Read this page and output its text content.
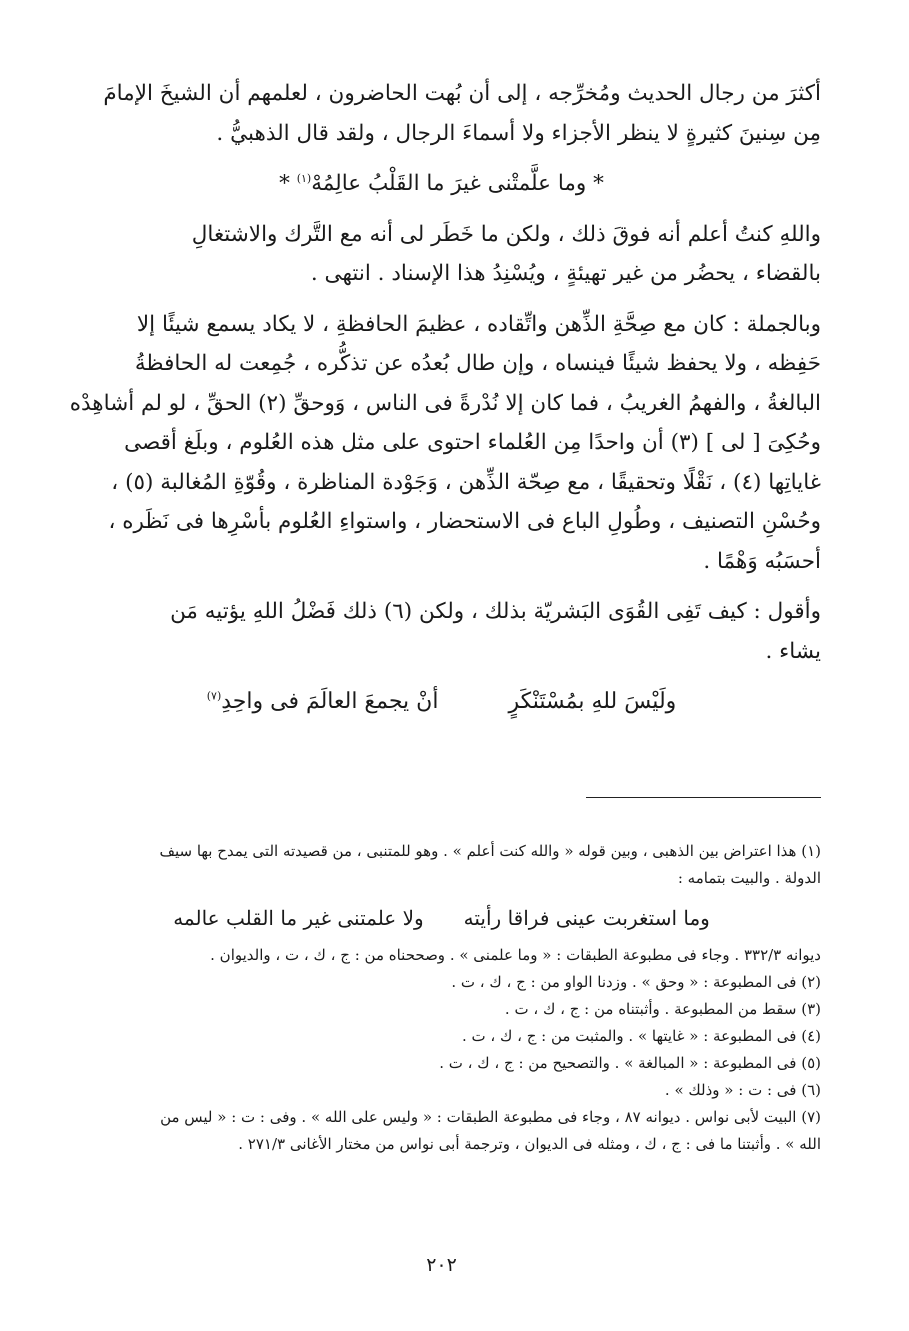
أكثرَ من رجال الحديث ومُخرِّجه ، إلى أن بُهت الحاضرون ، لعلمهم أن الشيخَ الإمامَ

مِن سِنينَ كثيرةٍ لا ينظر الأجزاء ولا أسماءَ الرجال ، ولقد قال الذهبيُّ .

* وما علَّمتْنى غيرَ ما القَلْبُ عالِمُهْ$^{(١)}$ *

واللهِ كنتُ أعلم أنه فوقَ ذلك ، ولكن ما خَطَر لى أنه مع التَّرك والاشتغالِ

بالقضاء ، يحضُر من غير تهيئةٍ ، ويُسْنِدُ هذا الإسناد . انتهى .

وبالجملة : كان مع صِحَّةِ الذِّهن واتِّقاده ، عظيمَ الحافظةِ ، لا يكاد يسمع شيئًا إلا

حَفِظه ، ولا يحفظ شيئًا فينساه ، وإن طال بُعدُه عن تذكُّره ، جُمِعت له الحافظةُ

البالغةُ ، والفهمُ الغريبُ ، فما كان إلا نُدْرةً فى الناس ، وَوحقِّ (٢) الحقِّ ، لو لم أشاهِدْه

وحُكِىَ [ لى ] (٣) أن واحدًا مِن العُلماء احتوى على مثل هذه العُلوم ، وبلَغ أقصى

غاياتِها (٤) ، نَقْلًا وتحقيقًا ، مع صِحّة الذِّهن ، وَجَوْدة المناظرة ، وقُوّةِ المُغالبة (٥) ،

وحُسْنِ التصنيف ، وطُولِ الباع فى الاستحضار ، واستواءِ العُلوم بأسْرِها فى نَظَره ،

أحسَبُه وَهْمًا .

وأقول : كيف تَفِى القُوَى البَشريّة بذلك ، ولكن (٦) ذلك فَضْلُ اللهِ يؤتيه مَن

يشاء .

ولَيْسَ للهِ بمُسْتَنْكَرٍ
أنْ يجمعَ العالَمَ فى واحِدِ$^{(٧)}$

(١) هذا اعتراض بين الذهبى ، وبين قوله « والله كنت أعلم » . وهو للمتنبى ، من قصيدته التى يمدح بها سيف

الدولة . والبيت بتمامه :

وما استغربت عينى فراقا رأيته
ولا علمتنى غير ما القلب عالمه

ديوانه ٣٣٢/٣ . وجاء فى مطبوعة الطبقات : « وما علمنى » . وصححناه من : ج ، ك ، ت ، والديوان .

(٢) فى المطبوعة : « وحق » . وزدنا الواو من : ج ، ك ، ت .

(٣) سقط من المطبوعة . وأثبتناه من : ج ، ك ، ت .

(٤) فى المطبوعة : « غايتها » . والمثبت من : ج ، ك ، ت .

(٥) فى المطبوعة : « المبالغة » . والتصحيح من : ج ، ك ، ت .

(٦) فى : ت : « وذلك » .

(٧) البيت لأبى نواس . ديوانه ٨٧ ، وجاء فى مطبوعة الطبقات : « وليس على الله » . وفى : ت : « ليس من

الله » . وأثبتنا ما فى : ج ، ك ، ومثله فى الديوان ، وترجمة أبى نواس من مختار الأغانى ٢٧١/٣ .

٢٠٢
